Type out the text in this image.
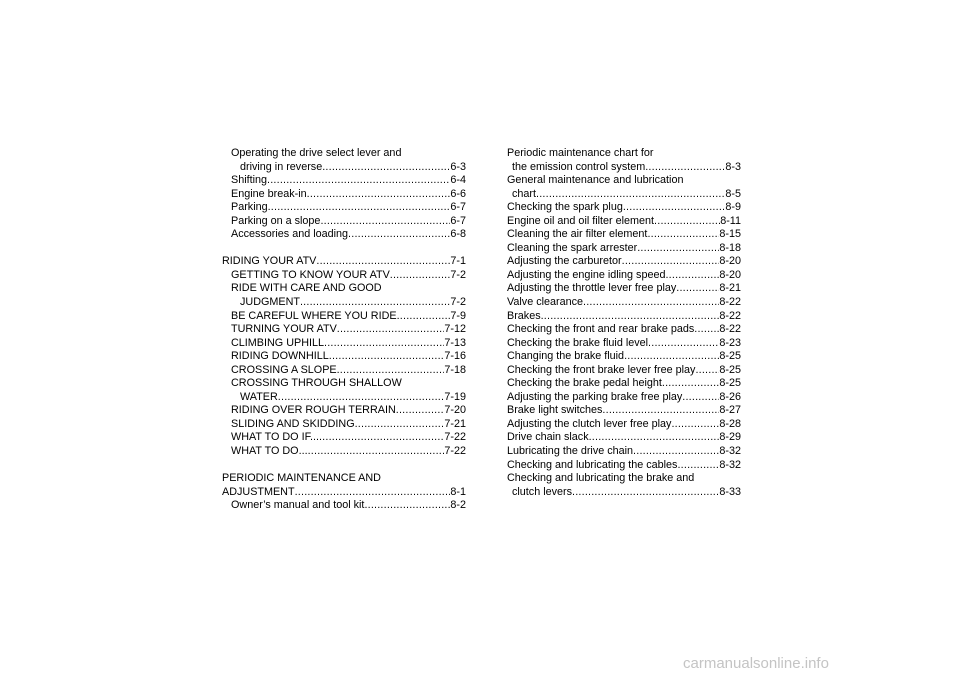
Operating the drive select lever and
driving in reverse .....	6-3
Shifting .....	6-4
Engine break-in .....	6-6
Parking .....	6-7
Parking on a slope .....	6-7
Accessories and loading .....	6-8
RIDING YOUR ATV .....	7-1
GETTING TO KNOW YOUR ATV .....	7-2
RIDE WITH CARE AND GOOD
JUDGMENT .....	7-2
BE CAREFUL WHERE YOU RIDE .....	7-9
TURNING YOUR ATV .....	7-12
CLIMBING UPHILL .....	7-13
RIDING DOWNHILL .....	7-16
CROSSING A SLOPE .....	7-18
CROSSING THROUGH SHALLOW
WATER .....	7-19
RIDING OVER ROUGH TERRAIN .....	7-20
SLIDING AND SKIDDING .....	7-21
WHAT TO DO IF... .....	7-22
WHAT TO DO... .....	7-22
PERIODIC MAINTENANCE AND
ADJUSTMENT .....	8-1
Owner’s manual and tool kit .....	8-2
Periodic maintenance chart for
the emission control system .....	8-3
General maintenance and lubrication
chart .....	8-5
Checking the spark plug .....	8-9
Engine oil and oil filter element .....	8-11
Cleaning the air filter element .....	8-15
Cleaning the spark arrester .....	8-18
Adjusting the carburetor .....	8-20
Adjusting the engine idling speed .....	8-20
Adjusting the throttle lever free play .....	8-21
Valve clearance .....	8-22
Brakes .....	8-22
Checking the front and rear brake pads ..... 8-22
Checking the brake fluid level .....	8-23
Changing the brake fluid .....	8-25
Checking the front brake lever free play ..... 8-25
Checking the brake pedal height .....	8-25
Adjusting the parking brake free play .....	8-26
Brake light switches .....	8-27
Adjusting the clutch lever free play .....	8-28
Drive chain slack .....	8-29
Lubricating the drive chain .....	8-32
Checking and lubricating the cables .....	8-32
Checking and lubricating the brake and
clutch levers .....	8-33
carmanualsonline.info
